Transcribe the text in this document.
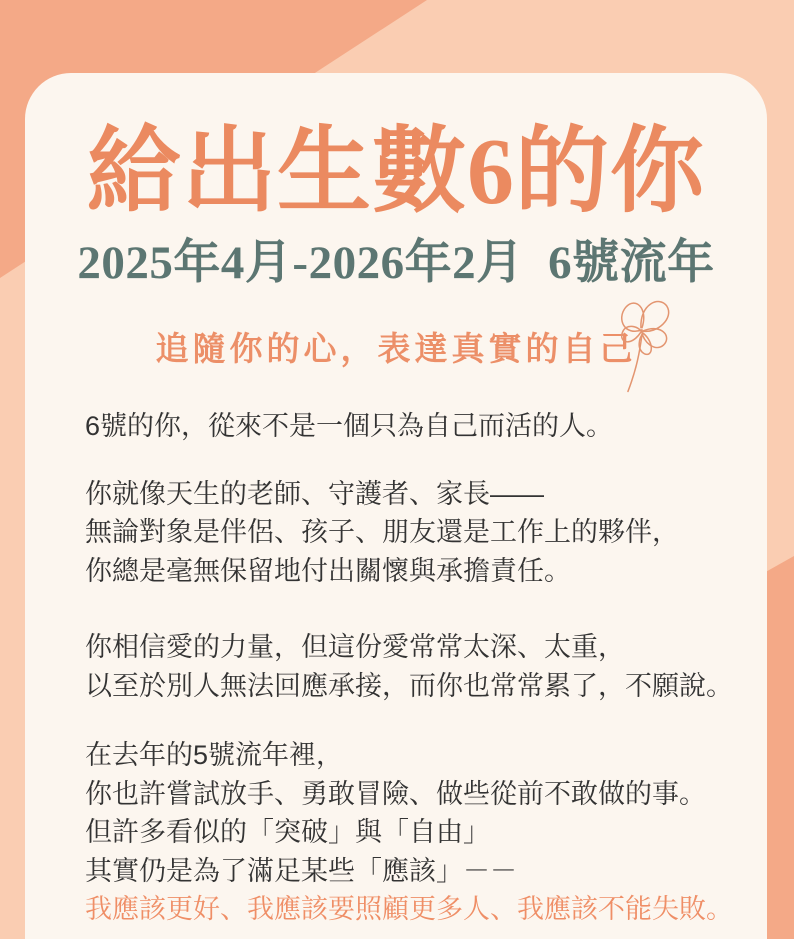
給出生數6的你
2025年4月-2026年2月  6號流年
追隨你的心，表達真實的自己

6號的你，從來不是一個只為自己而活的人。

你就像天生的老師、守護者、家長——
無論對象是伴侶、孩子、朋友還是工作上的夥伴，
你總是毫無保留地付出關懷與承擔責任。

你相信愛的力量，但這份愛常常太深、太重，
以至於別人無法回應承接，而你也常常累了，不願說。

在去年的5號流年裡，
你也許嘗試放手、勇敢冒險、做些從前不敢做的事。
但許多看似的「突破」與「自由」
其實仍是為了滿足某些「應該」－－
我應該更好、我應該要照顧更多人、我應該不能失敗。
